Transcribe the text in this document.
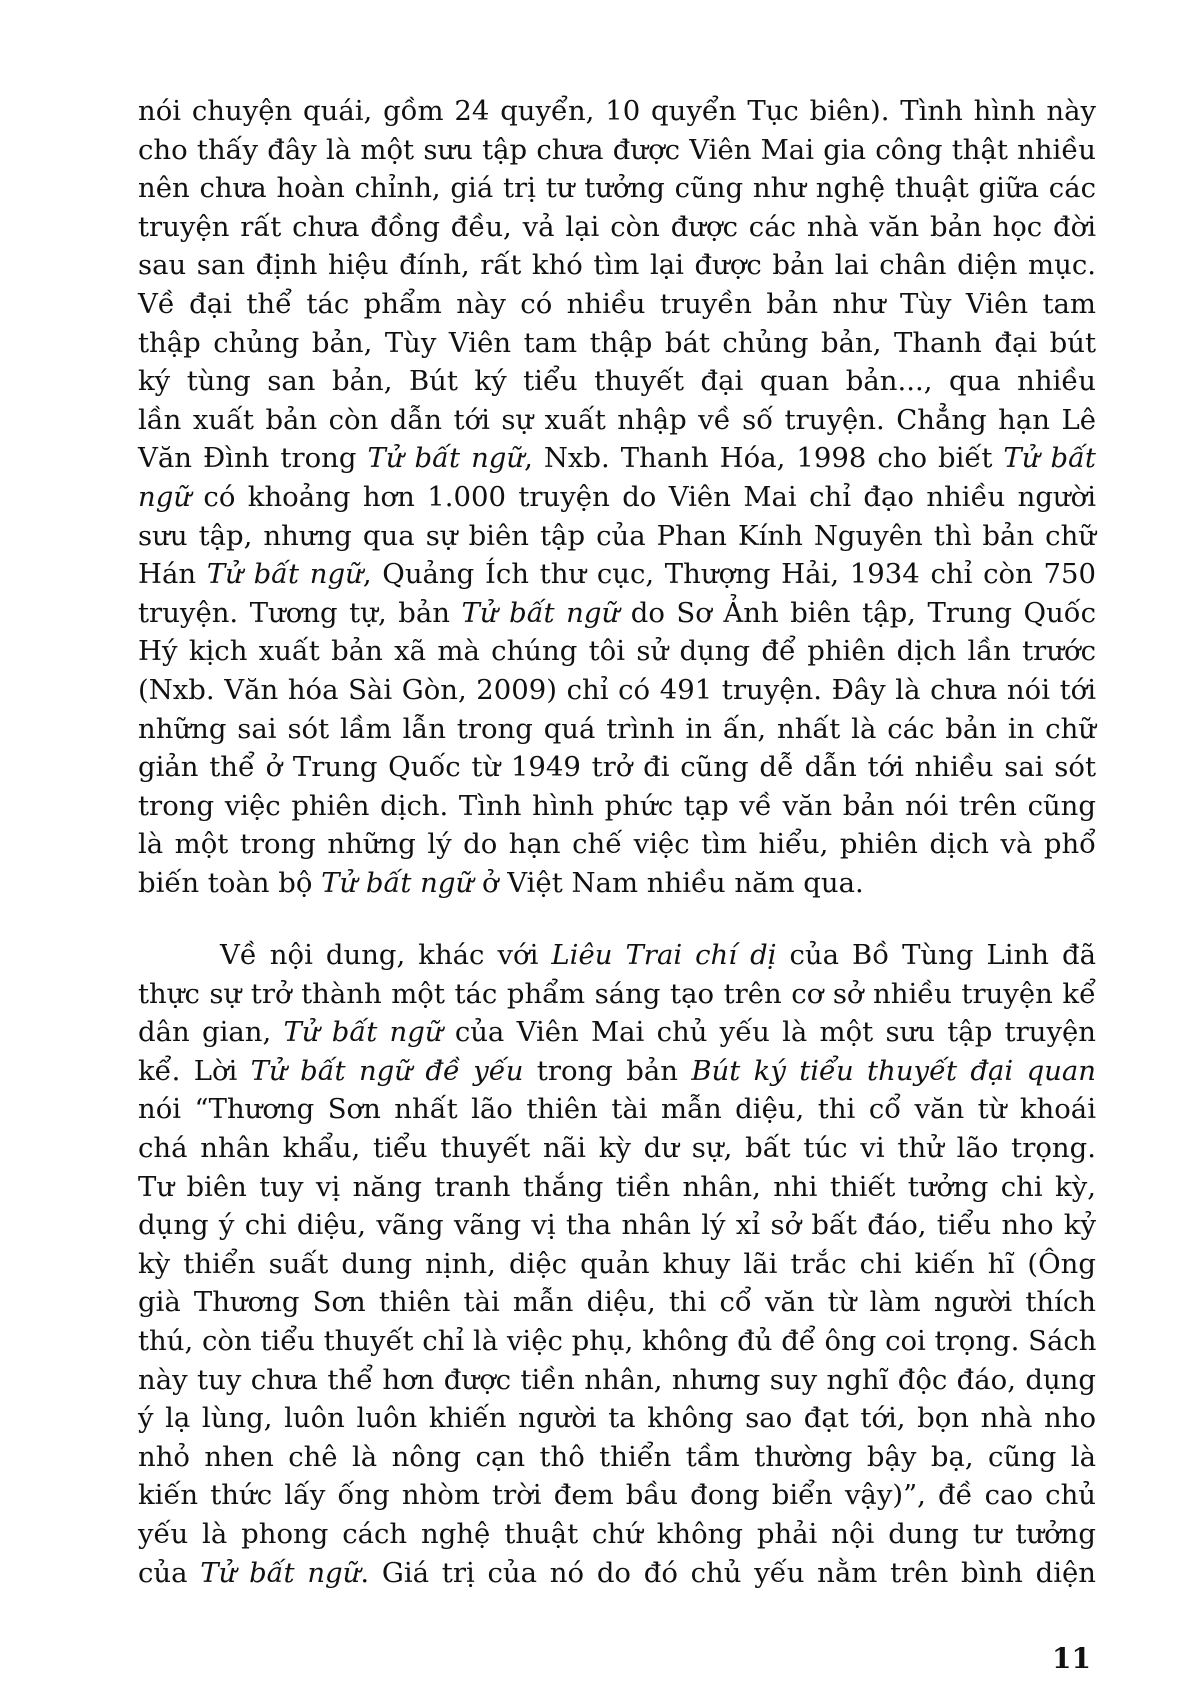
nói chuyện quái, gồm 24 quyển, 10 quyển Tục biên). Tình hình này
cho thấy đây là một sưu tập chưa được Viên Mai gia công thật nhiều
nên chưa hoàn chỉnh, giá trị tư tưởng cũng như nghệ thuật giữa các
truyện rất chưa đồng đều, vả lại còn được các nhà văn bản học đời
sau san định hiệu đính, rất khó tìm lại được bản lai chân diện mục.
Về đại thể tác phẩm này có nhiều truyền bản như Tùy Viên tam
thập chủng bản, Tùy Viên tam thập bát chủng bản, Thanh đại bút
ký tùng san bản, Bút ký tiểu thuyết đại quan bản..., qua nhiều
lần xuất bản còn dẫn tới sự xuất nhập về số truyện. Chẳng hạn Lê
Văn Đình trong Tử bất ngữ, Nxb. Thanh Hóa, 1998 cho biết Tử bất
ngữ có khoảng hơn 1.000 truyện do Viên Mai chỉ đạo nhiều người
sưu tập, nhưng qua sự biên tập của Phan Kính Nguyên thì bản chữ
Hán Tử bất ngữ, Quảng Ích thư cục, Thượng Hải, 1934 chỉ còn 750
truyện. Tương tự, bản Tử bất ngữ do Sơ Ảnh biên tập, Trung Quốc
Hý kịch xuất bản xã mà chúng tôi sử dụng để phiên dịch lần trước
(Nxb. Văn hóa Sài Gòn, 2009) chỉ có 491 truyện. Đây là chưa nói tới
những sai sót lầm lẫn trong quá trình in ấn, nhất là các bản in chữ
giản thể ở Trung Quốc từ 1949 trở đi cũng dễ dẫn tới nhiều sai sót
trong việc phiên dịch. Tình hình phức tạp về văn bản nói trên cũng
là một trong những lý do hạn chế việc tìm hiểu, phiên dịch và phổ
biến toàn bộ Tử bất ngữ ở Việt Nam nhiều năm qua.
Về nội dung, khác với Liêu Trai chí dị của Bồ Tùng Linh đã
thực sự trở thành một tác phẩm sáng tạo trên cơ sở nhiều truyện kể
dân gian, Tử bất ngữ của Viên Mai chủ yếu là một sưu tập truyện
kể. Lời Tử bất ngữ đề yếu trong bản Bút ký tiểu thuyết đại quan
nói “Thương Sơn nhất lão thiên tài mẫn diệu, thi cổ văn từ khoái
chá nhân khẩu, tiểu thuyết nãi kỳ dư sự, bất túc vi thử lão trọng.
Tư biên tuy vị năng tranh thắng tiền nhân, nhi thiết tưởng chi kỳ,
dụng ý chi diệu, vãng vãng vị tha nhân lý xỉ sở bất đáo, tiểu nho kỷ
kỳ thiển suất dung nịnh, diệc quản khuy lãi trắc chi kiến hĩ (Ông
già Thương Sơn thiên tài mẫn diệu, thi cổ văn từ làm người thích
thú, còn tiểu thuyết chỉ là việc phụ, không đủ để ông coi trọng. Sách
này tuy chưa thể hơn được tiền nhân, nhưng suy nghĩ độc đáo, dụng
ý lạ lùng, luôn luôn khiến người ta không sao đạt tới, bọn nhà nho
nhỏ nhen chê là nông cạn thô thiển tầm thường bậy bạ, cũng là
kiến thức lấy ống nhòm trời đem bầu đong biển vậy)”, đề cao chủ
yếu là phong cách nghệ thuật chứ không phải nội dung tư tưởng
của Tử bất ngữ. Giá trị của nó do đó chủ yếu nằm trên bình diện
11
